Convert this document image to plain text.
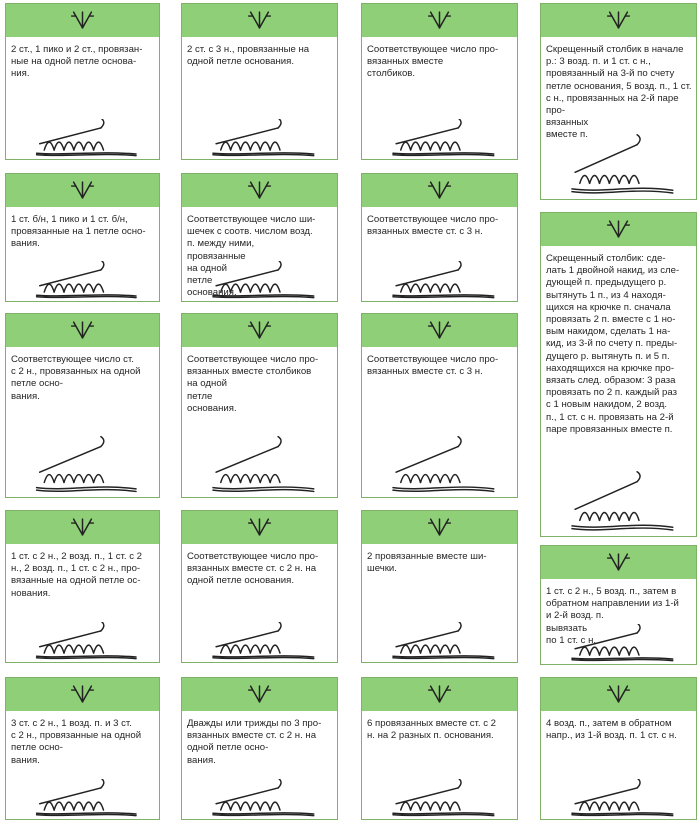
2 ст., 1 пико и 2 ст., провязан-
ные на одной петле основа-
ния.
1 ст. б/н, 1 пико и 1 ст. б/н,
провязанные на 1 петле осно-
вания.
Соответствующее число ст.
с 2 н., провязанных на одной
петле осно-
вания.
1 ст. с 2 н., 2 возд. п., 1 ст. с 2
н., 2 возд. п., 1 ст. с 2 н., про-
вязанные на одной петле ос-
нования.
3 ст. с 2 н., 1 возд. п. и 3 ст.
с 2 н., провязанные на одной
петле осно-
вания.
2 ст. с 3 н., провязанные на
одной петле основания.
Соответствующее число ши-
шечек с соотв. числом возд.
п. между ними,
провязанные
на одной
петле
основания.
Соответствующее число про-
вязанных вместе столбиков
на одной
петле
основания.
Соответствующее число про-
вязанных вместе ст. с 2 н. на
одной петле основания.
Дважды или трижды по 3 про-
вязанных вместе ст. с 2 н. на
одной петле осно-
вания.
Соответствующее число про-
вязанных вместе
столбиков.
Соответствующее число про-
вязанных вместе ст. с 3 н.
Соответствующее число про-
вязанных вместе ст. с 3 н.
2 провязанные вместе ши-
шечки.
6 провязанных вместе ст. с 2
н. на 2 разных п. основания.
Скрещенный столбик в начале р.: 3 возд. п. и 1 ст. с н., провязанный на 3-й по счету петле основания, 5 возд. п., 1 ст. с н., провязанных на 2-й паре про-
вязанных
вместе п.
Скрещенный столбик: сде-
лать 1 двойной накид, из сле-
дующей п. предыдущего р.
вытянуть 1 п., из 4 находя-
щихся на крючке п. сначала
провязать 2 п. вместе с 1 но-
вым накидом, сделать 1 на-
кид, из 3-й по счету п. преды-
дущего р. вытянуть п. и 5 п.
находящихся на крючке про-
вязать след. образом: 3 раза
провязать по 2 п. каждый раз
с 1 новым накидом, 2 возд.
п., 1 ст. с н. провязать на 2-й
паре провязанных вместе п.
1 ст. с 2 н., 5 возд. п., затем в
обратном направлении из 1-й
и 2-й возд. п.
вывязать
по 1 ст. с н.
4 возд. п., затем в обратном
напр., из 1-й возд. п. 1 ст. с н.
